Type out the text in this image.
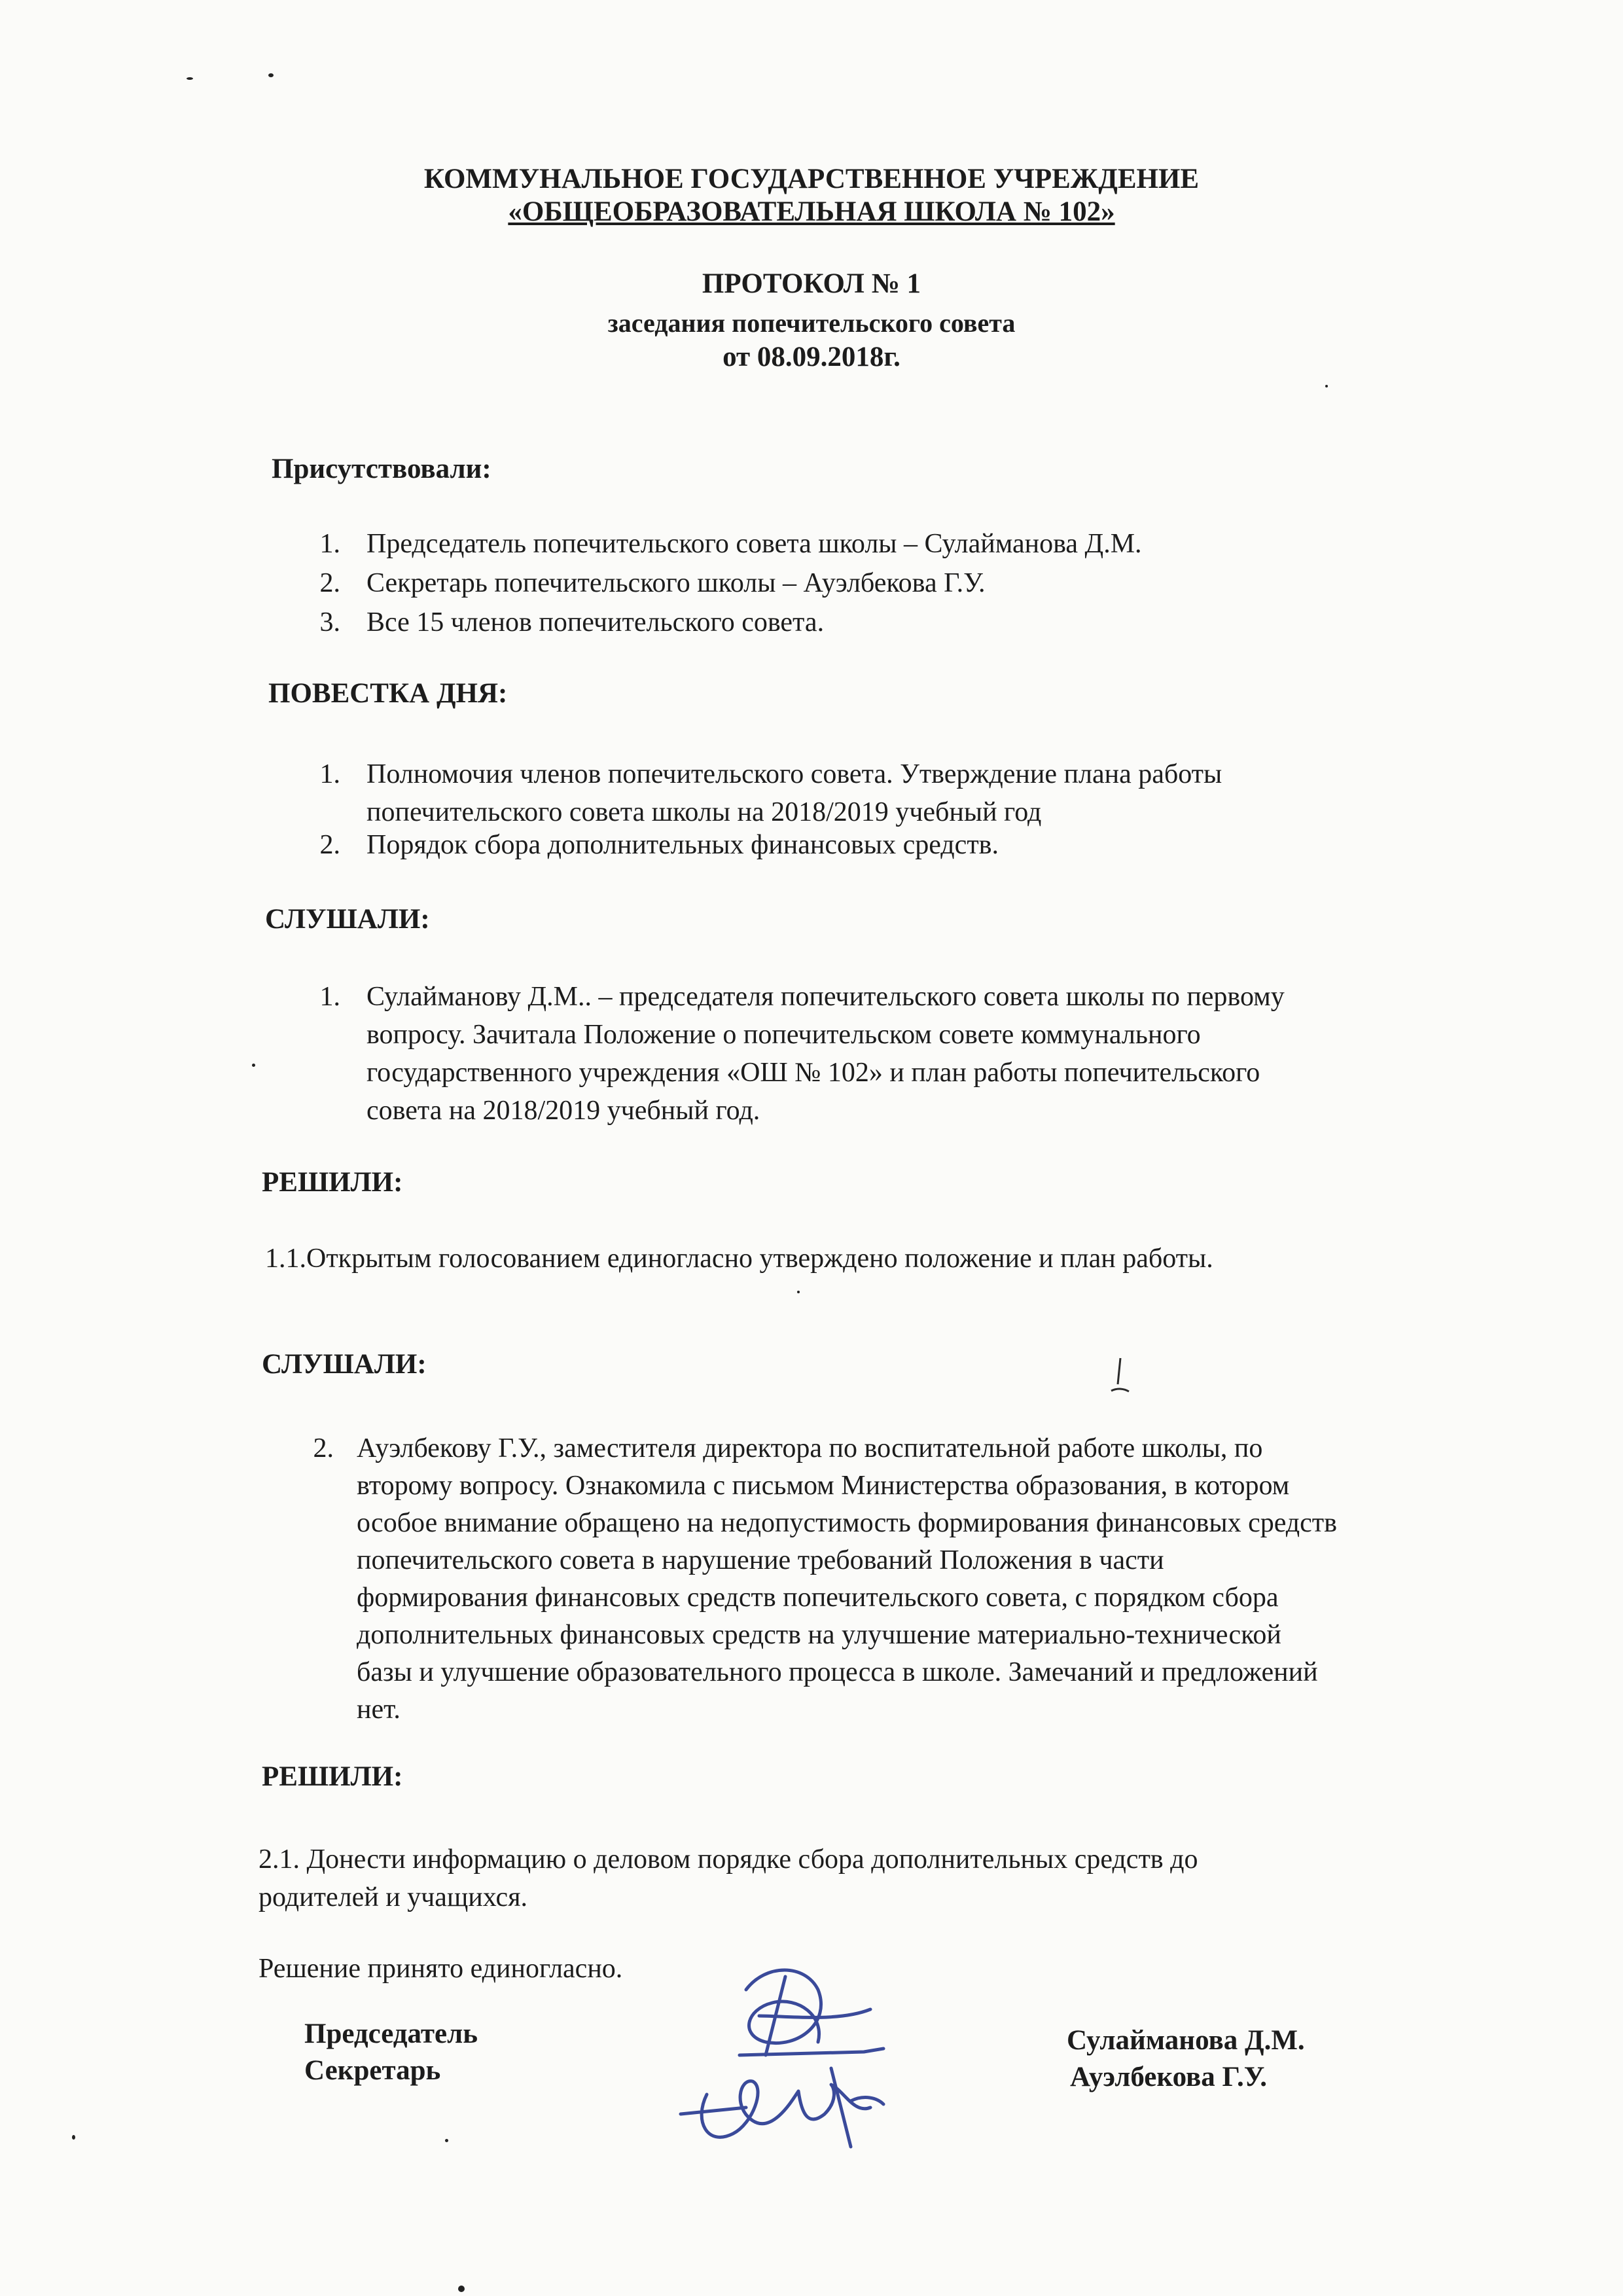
КОММУНАЛЬНОЕ ГОСУДАРСТВЕННОЕ УЧРЕЖДЕНИЕ
«ОБЩЕОБРАЗОВАТЕЛЬНАЯ ШКОЛА № 102»
ПРОТОКОЛ № 1
заседания попечительского совета
от 08.09.2018г.
Присутствовали:
1. Председатель попечительского совета школы – Сулайманова Д.М.
2. Секретарь попечительского школы – Ауэлбекова Г.У.
3. Все 15 членов попечительского совета.
ПОВЕСТКА ДНЯ:
1. Полномочия членов попечительского совета. Утверждение плана работы
попечительского совета школы на 2018/2019 учебный год
2. Порядок сбора дополнительных финансовых средств.
СЛУШАЛИ:
1. Сулайманову Д.М.. – председателя попечительского совета школы по первому
вопросу. Зачитала Положение о попечительском совете коммунального
государственного учреждения «ОШ № 102» и план работы попечительского
совета на 2018/2019 учебный год.
РЕШИЛИ:
1.1.Открытым голосованием единогласно утверждено положение и план работы.
СЛУШАЛИ:
2. Ауэлбекову Г.У., заместителя директора по воспитательной работе школы, по
второму вопросу. Ознакомила с письмом Министерства образования, в котором
особое внимание обращено на недопустимость формирования финансовых средств
попечительского совета в нарушение требований Положения в части
формирования финансовых средств попечительского совета, с порядком сбора
дополнительных финансовых средств на улучшение материально-технической
базы и улучшение образовательного процесса в школе. Замечаний и предложений
нет.
РЕШИЛИ:
2.1. Донести информацию о деловом порядке сбора дополнительных средств до
родителей и учащихся.
Решение принято единогласно.
Председатель
Секретарь
Сулайманова Д.М.
Ауэлбекова Г.У.
